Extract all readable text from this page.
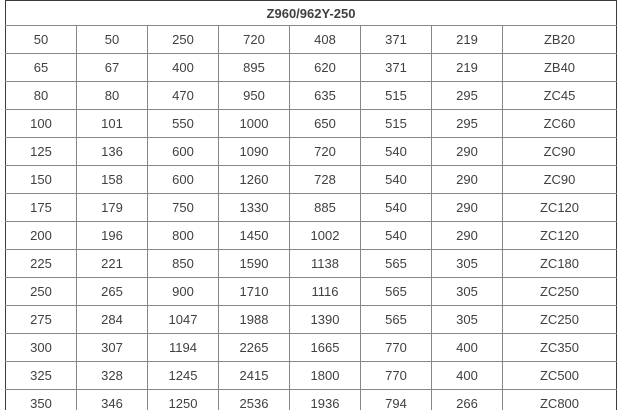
Z960/962Y-250							
50	50	250	720	408	371	219	ZB20
65	67	400	895	620	371	219	ZB40
80	80	470	950	635	515	295	ZC45
100	101	550	1000	650	515	295	ZC60
125	136	600	1090	720	540	290	ZC90
150	158	600	1260	728	540	290	ZC90
175	179	750	1330	885	540	290	ZC120
200	196	800	1450	1002	540	290	ZC120
225	221	850	1590	1138	565	305	ZC180
250	265	900	1710	1116	565	305	ZC250
275	284	1047	1988	1390	565	305	ZC250
300	307	1194	2265	1665	770	400	ZC350
325	328	1245	2415	1800	770	400	ZC500
350	346	1250	2536	1936	794	266	ZC800
